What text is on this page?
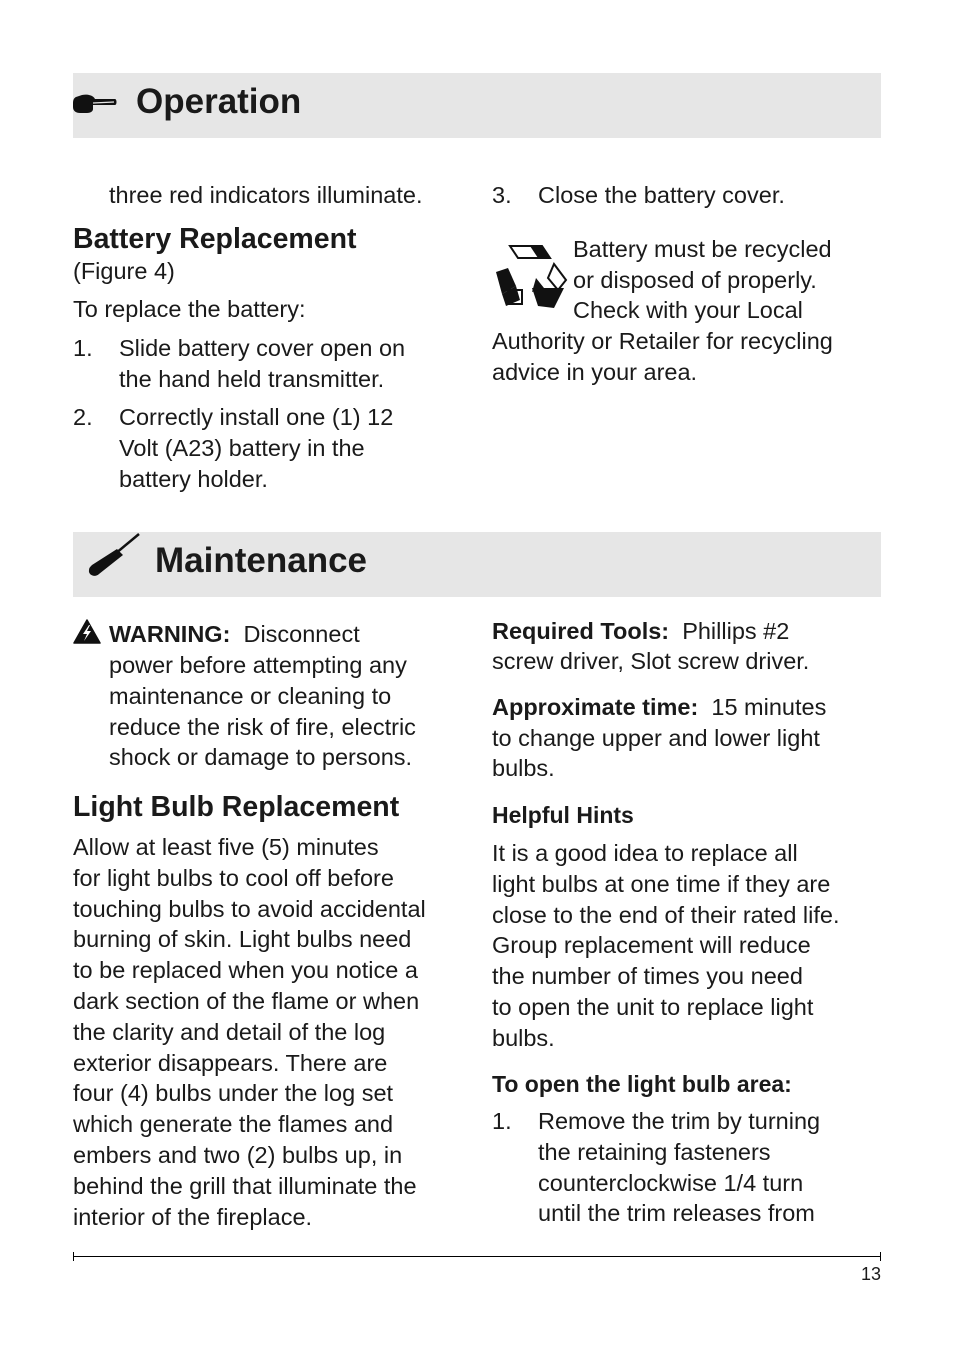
Operation

three red indicators illuminate.

Battery Replacement

(Figure 4)

To replace the battery:

1. Slide battery cover open on
the hand held transmitter.
2. Correctly install one (1) 12
Volt (A23) battery in the
battery holder.
3. Close the battery cover.
Battery must be recycled
or disposed of properly.
Check with your Local
Authority or Retailer for recycling
advice in your area.
Maintenance
WARNING: Disconnect
power before attempting any
maintenance or cleaning to
reduce the risk of fire, electric
shock or damage to persons.
Light Bulb Replacement
Allow at least five (5) minutes
for light bulbs to cool off before
touching bulbs to avoid accidental
burning of skin. Light bulbs need
to be replaced when you notice a
dark section of the flame or when
the clarity and detail of the log
exterior disappears. There are
four (4) bulbs under the log set
which generate the flames and
embers and two (2) bulbs up, in
behind the grill that illuminate the
interior of the fireplace.
Required Tools: Phillips #2
screw driver, Slot screw driver.
Approximate time: 15 minutes
to change upper and lower light
bulbs.
Helpful Hints
It is a good idea to replace all
light bulbs at one time if they are
close to the end of their rated life.
Group replacement will reduce
the number of times you need
to open the unit to replace light
bulbs.
To open the light bulb area:
1. Remove the trim by turning
the retaining fasteners
counterclockwise 1/4 turn
until the trim releases from
13
